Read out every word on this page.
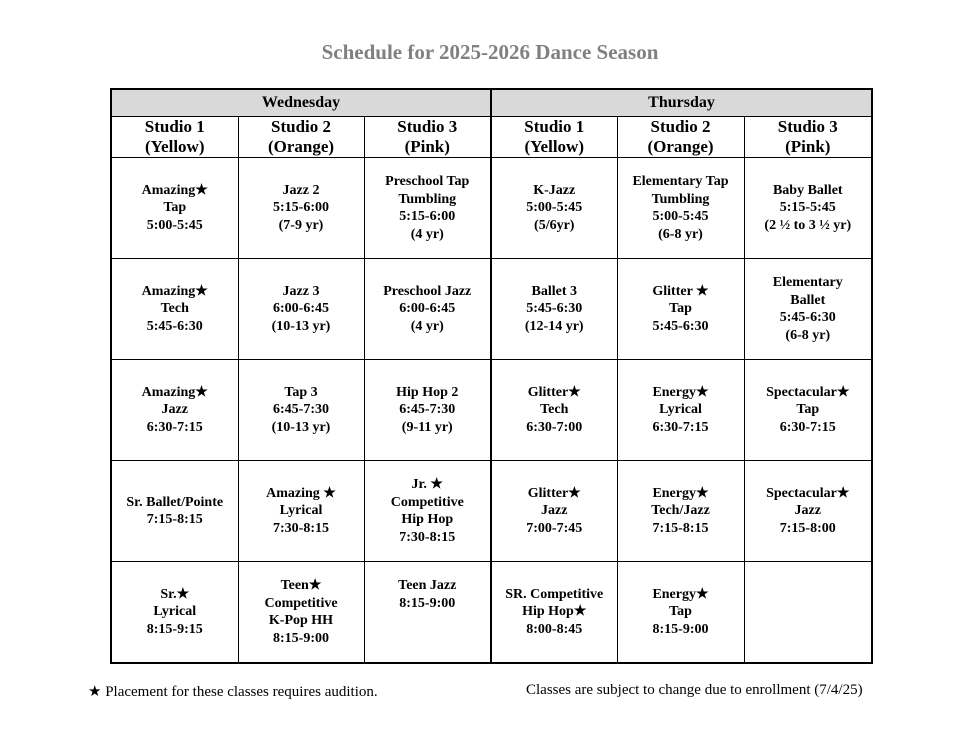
Schedule for 2025-2026 Dance Season
Wednesday			Thursday		

Studio 1
(Yellow)	Studio 2
(Orange)	Studio 3
(Pink)	Studio 1
(Yellow)	Studio 2
(Orange)	Studio 3
(Pink)

Amazing★
Tap
5:00-5:45	Jazz 2
5:15-6:00
(7-9 yr)	Preschool Tap
Tumbling
5:15-6:00
(4 yr)	K-Jazz
5:00-5:45
(5/6yr)	Elementary Tap
Tumbling
5:00-5:45
(6-8 yr)	Baby Ballet
5:15-5:45
(2 ½ to 3 ½ yr)

Amazing★
Tech
5:45-6:30	Jazz 3
6:00-6:45
(10-13 yr)	Preschool Jazz
6:00-6:45
(4 yr)	Ballet 3
5:45-6:30
(12-14 yr)	Glitter ★
Tap
5:45-6:30	Elementary
Ballet
5:45-6:30
(6-8 yr)

Amazing★
Jazz
6:30-7:15	Tap 3
6:45-7:30
(10-13 yr)	Hip Hop 2
6:45-7:30
(9-11 yr)	Glitter★
Tech
6:30-7:00	Energy★
Lyrical
6:30-7:15	Spectacular★
Tap
6:30-7:15

Sr. Ballet/Pointe
7:15-8:15	Amazing ★
Lyrical
7:30-8:15	Jr. ★
Competitive
Hip Hop
7:30-8:15	Glitter★
Jazz
7:00-7:45	Energy★
Tech/Jazz
7:15-8:15	Spectacular★
Jazz
7:15-8:00

Sr.★
Lyrical
8:15-9:15	Teen★
Competitive
K-Pop HH
8:15-9:00	Teen Jazz
8:15-9:00	SR. Competitive
Hip Hop★
8:00-8:45	Energy★
Tap
8:15-9:00	

★ Placement for these classes requires audition.	Classes are subject to change due to enrollment (7/4/25)
